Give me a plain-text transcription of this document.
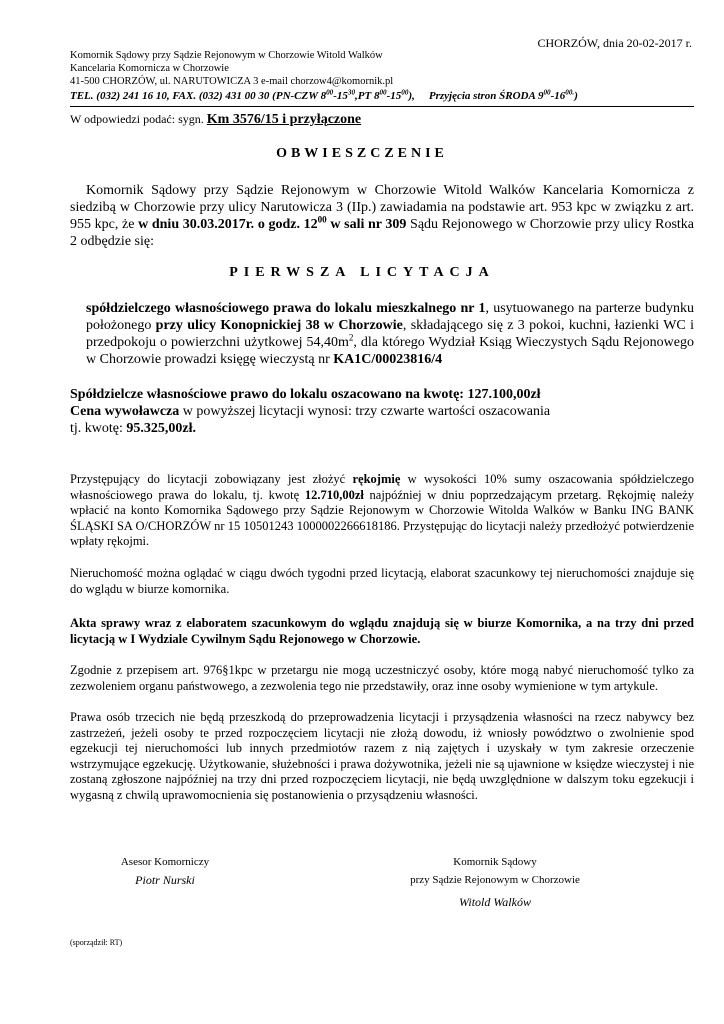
CHORZÓW, dnia 20-02-2017 r.
Komornik Sądowy przy Sądzie Rejonowym w Chorzowie Witold Walków
Kancelaria Komornicza w Chorzowie
41-500 CHORZÓW, ul. NARUTOWICZA 3 e-mail chorzow4@komornik.pl
TEL. (032) 241 16 10, FAX. (032) 431 00 30 (PN-CZW $8^{00}-15^{30},PT$ $8^{00}-15^{00}$), Przyjęcia stron ŚRODA $9^{00}-16^{00.}$)
W odpowiedzi podać: sygn. Km 3576/15 i przyłączone
OBWIESZCZENIE
Komornik Sądowy przy Sądzie Rejonowym w Chorzowie Witold Walków Kancelaria Komornicza z siedzibą w Chorzowie przy ulicy Narutowicza 3 (IIp.) zawiadamia na podstawie art. 953 kpc w związku z art. 955 kpc, że w dniu 30.03.2017r. o godz. $12^{00}$ w sali nr 309 Sądu Rejonowego w Chorzowie przy ulicy Rostka 2 odbędzie się:
PIERWSZA LICYTACJA
spółdzielczego własnościowego prawa do lokalu mieszkalnego nr 1, usytuowanego na parterze budynku położonego przy ulicy Konopnickiej 38 w Chorzowie, składającego się z 3 pokoi, kuchni, łazienki WC i przedpokoju o powierzchni użytkowej $54,40m^2$, dla którego Wydział Ksiąg Wieczystych Sądu Rejonowego w Chorzowie prowadzi księgę wieczystą nr KA1C/00023816/4
Spółdzielcze własnościowe prawo do lokalu oszacowano na kwotę: 127.100,00zł
Cena wywoławcza w powyższej licytacji wynosi: trzy czwarte wartości oszacowania
tj. kwotę: 95.325,00zł.
Przystępujący do licytacji zobowiązany jest złożyć rękojmię w wysokości 10% sumy oszacowania spółdzielczego własnościowego prawa do lokalu, tj. kwotę 12.710,00zł najpóźniej w dniu poprzedzającym przetarg. Rękojmię należy wpłacić na konto Komornika Sądowego przy Sądzie Rejonowym w Chorzowie Witolda Walków w Banku ING BANK ŚLĄSKI SA O/CHORZÓW nr 15 10501243 1000002266618186. Przystępując do licytacji należy przedłożyć potwierdzenie wpłaty rękojmi.
Nieruchomość można oglądać w ciągu dwóch tygodni przed licytacją, elaborat szacunkowy tej nieruchomości znajduje się do wglądu w biurze komornika.
Akta sprawy wraz z elaboratem szacunkowym do wglądu znajdują się w biurze Komornika, a na trzy dni przed licytacją w I Wydziale Cywilnym Sądu Rejonowego w Chorzowie.
Zgodnie z przepisem art. 976§1kpc w przetargu nie mogą uczestniczyć osoby, które mogą nabyć nieruchomość tylko za zezwoleniem organu państwowego, a zezwolenia tego nie przedstawiły, oraz inne osoby wymienione w tym artykule.
Prawa osób trzecich nie będą przeszkodą do przeprowadzenia licytacji i przysądzenia własności na rzecz nabywcy bez zastrzeżeń, jeżeli osoby te przed rozpoczęciem licytacji nie złożą dowodu, iż wniosły powództwo o zwolnienie spod egzekucji tej nieruchomości lub innych przedmiotów razem z nią zajętych i uzyskały w tym zakresie orzeczenie wstrzymujące egzekucję. Użytkowanie, służebności i prawa dożywotnika, jeżeli nie są ujawnione w księdze wieczystej i nie zostaną zgłoszone najpóźniej na trzy dni przed rozpoczęciem licytacji, nie będą uwzględnione w dalszym toku egzekucji i wygasną z chwilą uprawomocnienia się postanowienia o przysądzeniu własności.
Asesor Komorniczy
Piotr Nurski
Komornik Sądowy
przy Sądzie Rejonowym w Chorzowie
Witold Walków
(sporządził: RT)
